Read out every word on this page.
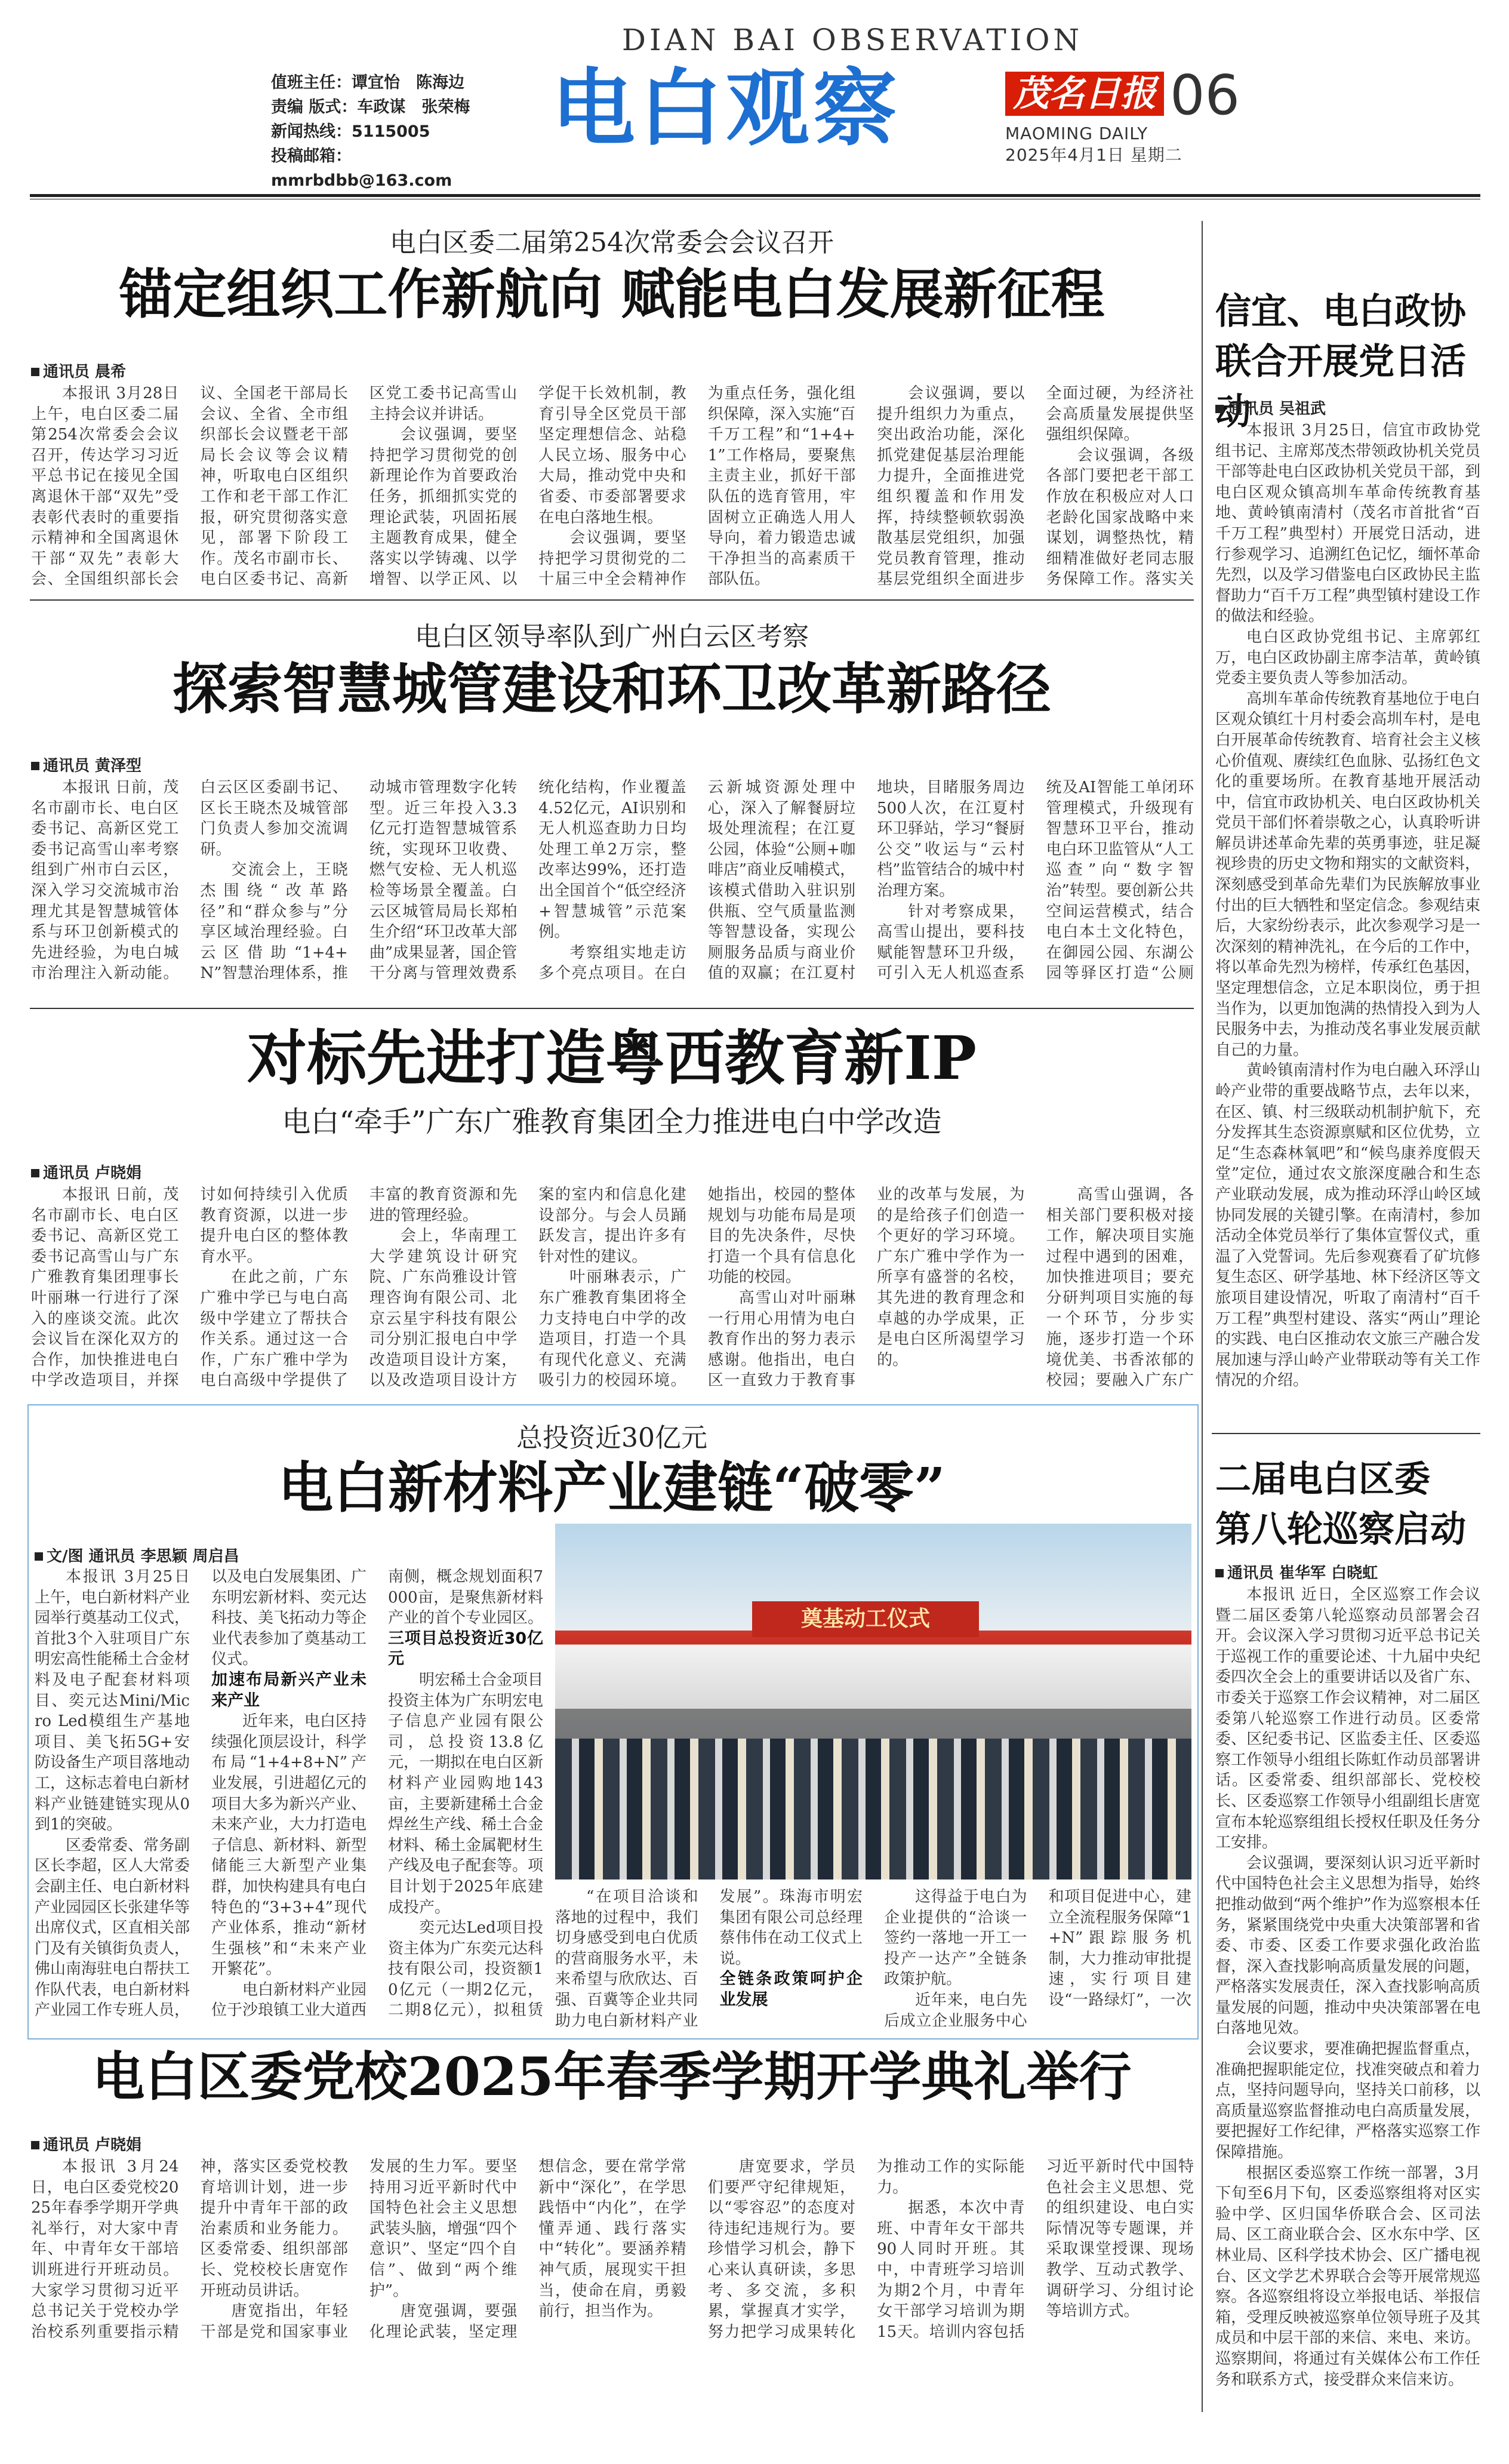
DIAN BAI OBSERVATION
值班主任：谭宜怡　陈海边
责编 版式：车政谋　张荣梅
新闻热线：5115005
投稿邮箱：mmrbdbb@163.com
电白观察	茂名日报 06
MAOMING DAILY
2025年4月1日 星期二
电白区委二届第254次常委会会议召开
锚定组织工作新航向 赋能电白发展新征程
通讯员 晨希

本报讯 3月28日上午，电白区委二届第254次常委会会议召开，传达学习习近平总书记在接见全国离退休干部“双先”受表彰代表时的重要指示精神和全国离退休干部“双先”表彰大会、全国组织部长会议、全国老干部局长会议、全省、全市组织部长会议暨老干部局长会议等会议精神，听取电白区组织工作和老干部工作汇报，研究贯彻落实意见，部署下阶段工作。茂名市副市长、电白区委书记、高新区党工委书记高雪山主持会议并讲话。

会议强调，要坚持把学习贯彻党的创新理论作为首要政治任务，抓细抓实党的理论武装，巩固拓展主题教育成果，健全落实以学铸魂、以学增智、以学正风、以学促干长效机制，教育引导全区党员干部坚定理想信念、站稳人民立场、服务中心大局，推动党中央和省委、市委部署要求在电白落地生根。

会议强调，要坚持把学习贯彻党的二十届三中全会精神作为重点任务，强化组织保障，深入实施“百千万工程”和“1+4+1”工作格局，要聚焦主责主业，抓好干部队伍的选育管用，牢固树立正确选人用人导向，着力锻造忠诚干净担当的高素质干部队伍。

会议强调，要以提升组织力为重点，突出政治功能，深化抓党建促基层治理能力提升，全面推进党组织覆盖和作用发挥，持续整顿软弱涣散基层党组织，加强党员教育管理，推动基层党组织全面进步全面过硬，为经济社会高质量发展提供坚强组织保障。

会议强调，各级各部门要把老干部工作放在积极应对人口老龄化国家战略中来谋划，调整热忱，精细精准做好老同志服务保障工作。落实关

电白区领导率队到广州白云区考察
探索智慧城管建设和环卫改革新路径
通讯员 黄泽型

本报讯 日前，茂名市副市长、电白区委书记、高新区党工委书记高雪山率考察组到广州市白云区，深入学习交流城市治理尤其是智慧城管体系与环卫创新模式的先进经验，为电白城市治理注入新动能。白云区区委副书记、区长王晓杰及城管部门负责人参加交流调研。

交流会上，王晓杰围绕“改革路径”和“群众参与”分享区域治理经验。白云区借助“1+4+N”智慧治理体系，推动城市管理数字化转型。近三年投入3.3亿元打造智慧城管系统，实现环卫收费、燃气安检、无人机巡检等场景全覆盖。白云区城管局局长郑柏生介绍“环卫改革大部曲”成果显著，国企管干分离与管理效费系统化结构，作业覆盖4.52亿元，AI识别和无人机巡查助力日均处理工单2万宗，整改率达99%，还打造出全国首个“低空经济+智慧城管”示范案例。

考察组实地走访多个亮点项目。在白云新城资源处理中心，深入了解餐厨垃圾处理流程；在江夏公园，体验“公厕+咖啡店”商业反哺模式，该模式借助入驻识别供瓶、空气质量监测等智慧设备，实现公厕服务品质与商业价值的双赢；在江夏村地块，目睹服务周边500人次，在江夏村环卫驿站，学习“餐厨公交”收运与“云村档”监管结合的城中村治理方案。

针对考察成果，高雪山提出，要科技赋能智慧环卫升级，可引入无人机巡查系统及AI智能工单闭环管理模式，升级现有智慧环卫平台，推动电白环卫监管从“人工巡查”向“数字智治”转型。要创新公共空间运营模式，结合电白本土文化特色，在御园公园、东湖公园等驿区打造“公厕

对标先进打造粤西教育新IP
电白“牵手”广东广雅教育集团全力推进电白中学改造
通讯员 卢晓娟

本报讯 日前，茂名市副市长、电白区委书记、高新区党工委书记高雪山与广东广雅教育集团理事长叶丽琳一行进行了深入的座谈交流。此次会议旨在深化双方的合作，加快推进电白中学改造项目，并探讨如何持续引入优质教育资源，以进一步提升电白区的整体教育水平。

在此之前，广东广雅中学已与电白高级中学建立了帮扶合作关系。通过这一合作，广东广雅中学为电白高级中学提供了丰富的教育资源和先进的管理经验。

会上，华南理工大学建筑设计研究院、广东尚雅设计管理咨询有限公司、北京云星宇科技有限公司分别汇报电白中学改造项目设计方案，以及改造项目设计方案的室内和信息化建设部分。与会人员踊跃发言，提出许多有针对性的建议。

叶丽琳表示，广东广雅教育集团将全力支持电白中学的改造项目，打造一个具有现代化意义、充满吸引力的校园环境。她指出，校园的整体规划与功能布局是项目的先决条件，尽快打造一个具有信息化功能的校园。

高雪山对叶丽琳一行用心用情为电白教育作出的努力表示感谢。他指出，电白区一直致力于教育事业的改革与发展，为的是给孩子们创造一个更好的学习环境。广东广雅中学作为一所享有盛誉的名校，其先进的教育理念和卓越的办学成果，正是电白区所渴望学习的。

高雪山强调，各相关部门要积极对接工作，解决项目实施过程中遇到的困难，加快推进项目；要充分研判项目实施的每一个环节，分步实施，逐步打造一个环境优美、书香浓郁的校园；要融入广东广

总投资近30亿元
电白新材料产业建链“破零”
文/图 通讯员 李思颖 周启昌

本报讯 3月25日上午，电白新材料产业园举行奠基动工仪式，首批3个入驻项目广东明宏高性能稀土合金材料及电子配套材料项目、奕元达Mini/Micro Led模组生产基地项目、美飞拓5G+安防设备生产项目落地动工，这标志着电白新材料产业链建链实现从0到1的突破。

区委常委、常务副区长李超，区人大常委会副主任、电白新材料产业园园区长张建华等出席仪式，区直相关部门及有关镇街负责人，佛山南海驻电白帮扶工作队代表，电白新材料产业园工作专班人员，以及电白发展集团、广东明宏新材料、奕元达科技、美飞拓动力等企业代表参加了奠基动工仪式。

加速布局新兴产业未来产业

近年来，电白区持续强化顶层设计，科学布局“1+4+8+N”产业发展，引进超亿元的项目大多为新兴产业、未来产业，大力打造电子信息、新材料、新型储能三大新型产业集群，加快构建具有电白特色的“3+3+4”现代产业体系，推动“新材生强核”和“未来产业开繁花”。

电白新材料产业园位于沙琅镇工业大道西南侧，概念规划面积7000亩，是聚焦新材料产业的首个专业园区。

三项目总投资近30亿元

明宏稀土合金项目投资主体为广东明宏电子信息产业园有限公司，总投资13.8亿元，一期拟在电白区新材料产业园购地143亩，主要新建稀土合金焊丝生产线、稀土合金材料、稀土金属靶材生产线及电子配套等。项目计划于2025年底建成投产。

奕元达Led项目投资主体为广东奕元达科技有限公司，投资额10亿元（一期2亿元，二期8亿元），拟租赁

奠基动工仪式

“在项目洽谈和落地的过程中，我们切身感受到电白优质的营商服务水平，未来希望与欣欣达、百强、百冀等企业共同助力电白新材料产业发展”。珠海市明宏集团有限公司总经理蔡伟伟在动工仪式上说。

全链条政策呵护企业发展

这得益于电白为企业提供的“洽谈一签约一落地一开工一投产一达产”全链条政策护航。

近年来，电白先后成立企业服务中心和项目促进中心，建立全流程服务保障“1+N”跟踪服务机制，大力推动审批提速，实行项目建设“一路绿灯”，一次

电白区委党校2025年春季学期开学典礼举行
通讯员 卢晓娟

本报讯 3月24日，电白区委党校2025年春季学期开学典礼举行，对大家中青年、中青年女干部培训班进行开班动员。大家学习贯彻习近平总书记关于党校办学治校系列重要指示精神，落实区委党校教育培训计划，进一步提升中青年干部的政治素质和业务能力。区委常委、组织部部长、党校校长唐宽作开班动员讲话。

唐宽指出，年轻干部是党和国家事业发展的生力军。要坚持用习近平新时代中国特色社会主义思想武装头脑，增强“四个意识”、坚定“四个自信”、做到“两个维护”。

唐宽强调，要强化理论武装，坚定理想信念，要在常学常新中“深化”，在学思践悟中“内化”，在学懂弄通、践行落实中“转化”。要涵养精神气质，展现实干担当，使命在肩，勇毅前行，担当作为。

唐宽要求，学员们要严守纪律规矩，以“零容忍”的态度对待违纪违规行为。要珍惜学习机会，静下心来认真研读，多思考、多交流，多积累，掌握真才实学，努力把学习成果转化为推动工作的实际能力。

据悉，本次中青班、中青年女干部共90人同时开班。其中，中青班学习培训为期2个月，中青年女干部学习培训为期15天。培训内容包括习近平新时代中国特色社会主义思想、党的组织建设、电白实际情况等专题课，并采取课堂授课、现场教学、互动式教学、调研学习、分组讨论等培训方式。

信宜、电白政协
联合开展党日活动
通讯员 吴祖武

本报讯 3月25日，信宜市政协党组书记、主席郑茂杰带领政协机关党员干部等赴电白区政协机关党员干部，到电白区观众镇高圳车革命传统教育基地、黄岭镇南清村（茂名市首批省“百千万工程”典型村）开展党日活动，进行参观学习、追溯红色记忆，缅怀革命先烈，以及学习借鉴电白区政协民主监督助力“百千万工程”典型镇村建设工作的做法和经验。

电白区政协党组书记、主席郭红万，电白区政协副主席李洁革，黄岭镇党委主要负责人等参加活动。

高圳车革命传统教育基地位于电白区观众镇红十月村委会高圳车村，是电白开展革命传统教育、培育社会主义核心价值观、赓续红色血脉、弘扬红色文化的重要场所。在教育基地开展活动中，信宜市政协机关、电白区政协机关党员干部们怀着崇敬之心，认真聆听讲解员讲述革命先辈的英勇事迹，驻足凝视珍贵的历史文物和翔实的文献资料，深刻感受到革命先辈们为民族解放事业付出的巨大牺牲和坚定信念。参观结束后，大家纷纷表示，此次参观学习是一次深刻的精神洗礼，在今后的工作中，将以革命先烈为榜样，传承红色基因，坚定理想信念，立足本职岗位，勇于担当作为，以更加饱满的热情投入到为人民服务中去，为推动茂名事业发展贡献自己的力量。

黄岭镇南清村作为电白融入环浮山岭产业带的重要战略节点，去年以来，在区、镇、村三级联动机制护航下，充分发挥其生态资源禀赋和区位优势，立足“生态森林氧吧”和“候鸟康养度假天堂”定位，通过农文旅深度融合和生态产业联动发展，成为推动环浮山岭区域协同发展的关键引擎。在南清村，参加活动全体党员举行了集体宣誓仪式，重温了入党誓词。先后参观赛看了矿坑修复生态区、研学基地、林下经济区等文旅项目建设情况，听取了南清村“百千万工程”典型村建设、落实“两山”理论的实践、电白区推动农文旅三产融合发展加速与浮山岭产业带联动等有关工作情况的介绍。

二届电白区委
第八轮巡察启动
通讯员 崔华军 白晓虹

本报讯 近日，全区巡察工作会议暨二届区委第八轮巡察动员部署会召开。会议深入学习贯彻习近平总书记关于巡视工作的重要论述、十九届中央纪委四次全会上的重要讲话以及省广东、市委关于巡察工作会议精神，对二届区委第八轮巡察工作进行动员。区委常委、区纪委书记、区监委主任、区委巡察工作领导小组组长陈虹作动员部署讲话。区委常委、组织部部长、党校校长、区委巡察工作领导小组副组长唐宽宣布本轮巡察组组长授权任职及任务分工安排。

会议强调，要深刻认识习近平新时代中国特色社会主义思想为指导，始终把推动做到“两个维护”作为巡察根本任务，紧紧围绕党中央重大决策部署和省委、市委、区委工作要求强化政治监督，深入查找影响高质量发展的问题，严格落实发展责任，深入查找影响高质量发展的问题，推动中央决策部署在电白落地见效。

会议要求，要准确把握监督重点，准确把握职能定位，找准突破点和着力点，坚持问题导向，坚持关口前移，以高质量巡察监督推动电白高质量发展，要把握好工作纪律，严格落实巡察工作保障措施。

根据区委巡察工作统一部署，3月下旬至6月下旬，区委巡察组将对区实验中学、区归国华侨联合会、区司法局、区工商业联合会、区水东中学、区林业局、区科学技术协会、区广播电视台、区文学艺术界联合会等开展常规巡察。各巡察组将设立举报电话、举报信箱，受理反映被巡察单位领导班子及其成员和中层干部的来信、来电、来访。巡察期间，将通过有关媒体公布工作任务和联系方式，接受群众来信来访。
